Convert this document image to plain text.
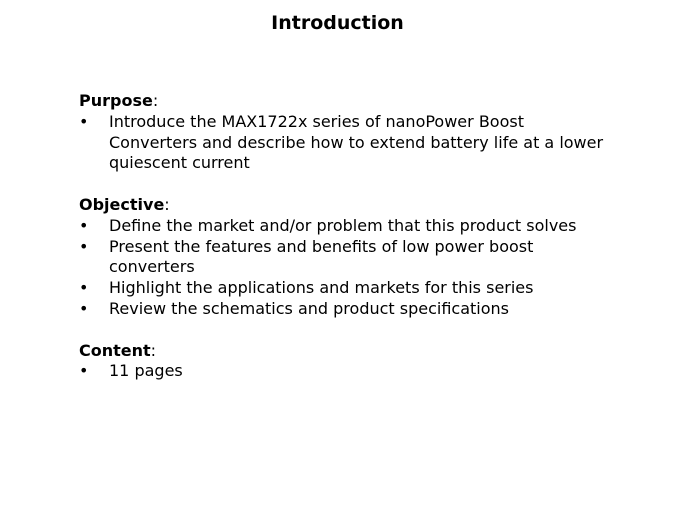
Introduction
Purpose:
• Introduce the MAX1722x series of nanoPower Boost Converters and describe how to extend battery life at a lower quiescent current
Objective:
• Define the market and/or problem that this product solves
• Present the features and benefits of low power boost converters
• Highlight the applications and markets for this series
• Review the schematics and product specifications
Content:
• 11 pages
